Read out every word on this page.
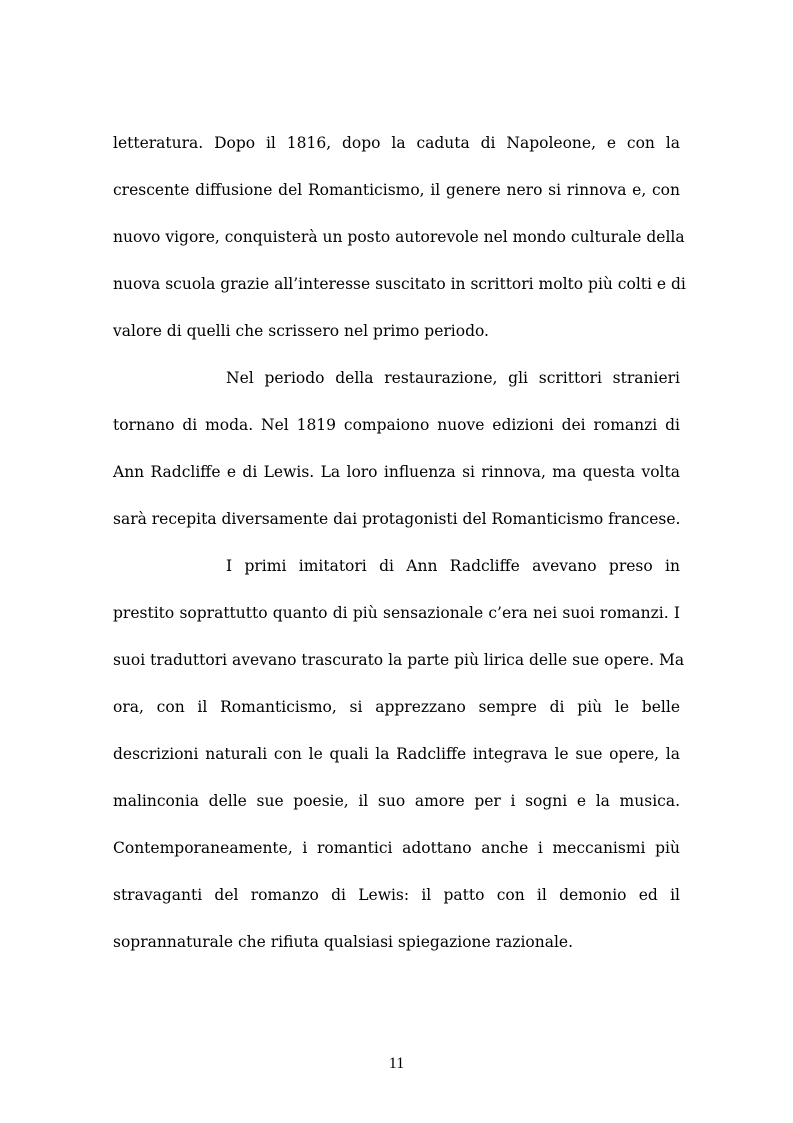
letteratura. Dopo il 1816, dopo la caduta di Napoleone, e con la
crescente diffusione del Romanticismo, il genere nero si rinnova e, con
nuovo vigore, conquisterà un posto autorevole nel mondo culturale della
nuova scuola grazie all’interesse suscitato in scrittori molto più colti e di
valore di quelli che scrissero nel primo periodo.
Nel periodo della restaurazione, gli scrittori stranieri
tornano di moda. Nel 1819 compaiono nuove edizioni dei romanzi di
Ann Radcliffe e di Lewis. La loro influenza si rinnova, ma questa volta
sarà recepita diversamente dai protagonisti del Romanticismo francese.
I primi imitatori di Ann Radcliffe avevano preso in
prestito soprattutto quanto di più sensazionale c’era nei suoi romanzi. I
suoi traduttori avevano trascurato la parte più lirica delle sue opere. Ma
ora, con il Romanticismo, si apprezzano sempre di più le belle
descrizioni naturali con le quali la Radcliffe integrava le sue opere, la
malinconia delle sue poesie, il suo amore per i sogni e la musica.
Contemporaneamente, i romantici adottano anche i meccanismi più
stravaganti del romanzo di Lewis: il patto con il demonio ed il
soprannaturale che rifiuta qualsiasi spiegazione razionale.
11
